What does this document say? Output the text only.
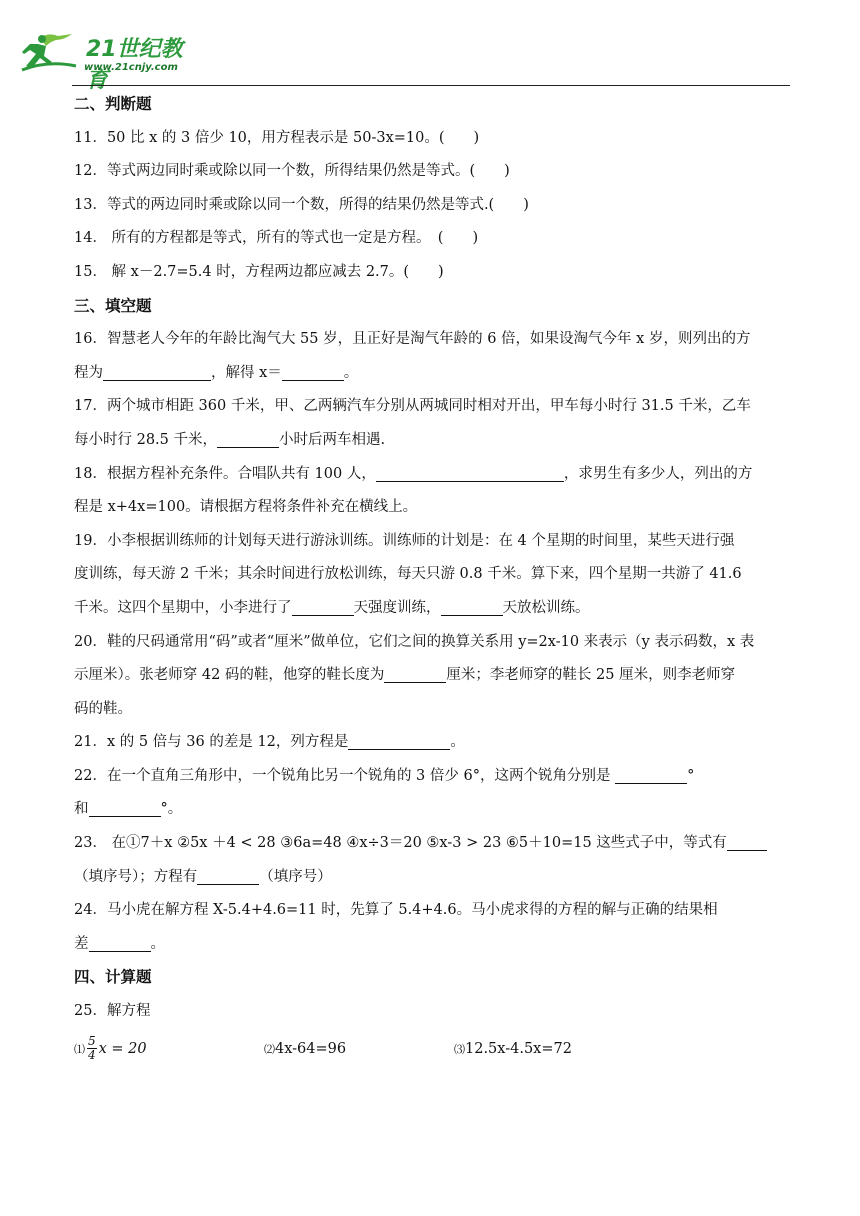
21世纪教育
www.21cnjy.com
二、判断题
11．50 比 x 的 3 倍少 10，用方程表示是 50-3x=10。(　　)
12．等式两边同时乘或除以同一个数，所得结果仍然是等式。(　　)
13．等式的两边同时乘或除以同一个数，所得的结果仍然是等式.(　　)
14． 所有的方程都是等式，所有的等式也一定是方程。　(　　)
15． 解 x－2.7=5.4 时，方程两边都应减去 2.7。(　　)
三、填空题
16．智慧老人今年的年龄比淘气大 55 岁，且正好是淘气年龄的 6 倍，如果设淘气今年 x 岁，则列出的方
程为	，解得 x＝	。
17．两个城市相距 360 千米，甲、乙两辆汽车分别从两城同时相对开出，甲车每小时行 31.5 千米，乙车
每小时行 28.5 千米，	小时后两车相遇.
18．根据方程补充条件。合唱队共有 100 人，	，求男生有多少人，列出的方
程是 x+4x=100。请根据方程将条件补充在横线上。
19．小李根据训练师的计划每天进行游泳训练。训练师的计划是：在 4 个星期的时间里，某些天进行强
度训练，每天游 2 千米；其余时间进行放松训练，每天只游 0.8 千米。算下来，四个星期一共游了 41.6
千米。这四个星期中，小李进行了	天强度训练，	天放松训练。
20．鞋的尺码通常用“码”或者“厘米”做单位，它们之间的换算关系用 y=2x-10 来表示（y 表示码数，x 表
示厘米）。张老师穿 42 码的鞋，他穿的鞋长度为	厘米；李老师穿的鞋长 25 厘米，则李老师穿
码的鞋。
21．x 的 5 倍与 36 的差是 12，列方程是	。
22．在一个直角三角形中，一个锐角比另一个锐角的 3 倍少 6°，这两个锐角分别是	°
和	°。
23． 在①7＋x ②5x ＋4 < 28 ③6a=48 ④x÷3＝20 ⑤x-3 > 23 ⑥5＋10=15 这些式子中，等式有
（填序号）；方程有	（填序号）
24．马小虎在解方程 X-5.4+4.6=11 时，先算了 5.4+4.6。马小虎求得的方程的解与正确的结果相
差	。
四、计算题
25．解方程
⑴ $\frac{5}{4}$ x = 20	⑵4x-64=96	⑶12.5x-4.5x=72
